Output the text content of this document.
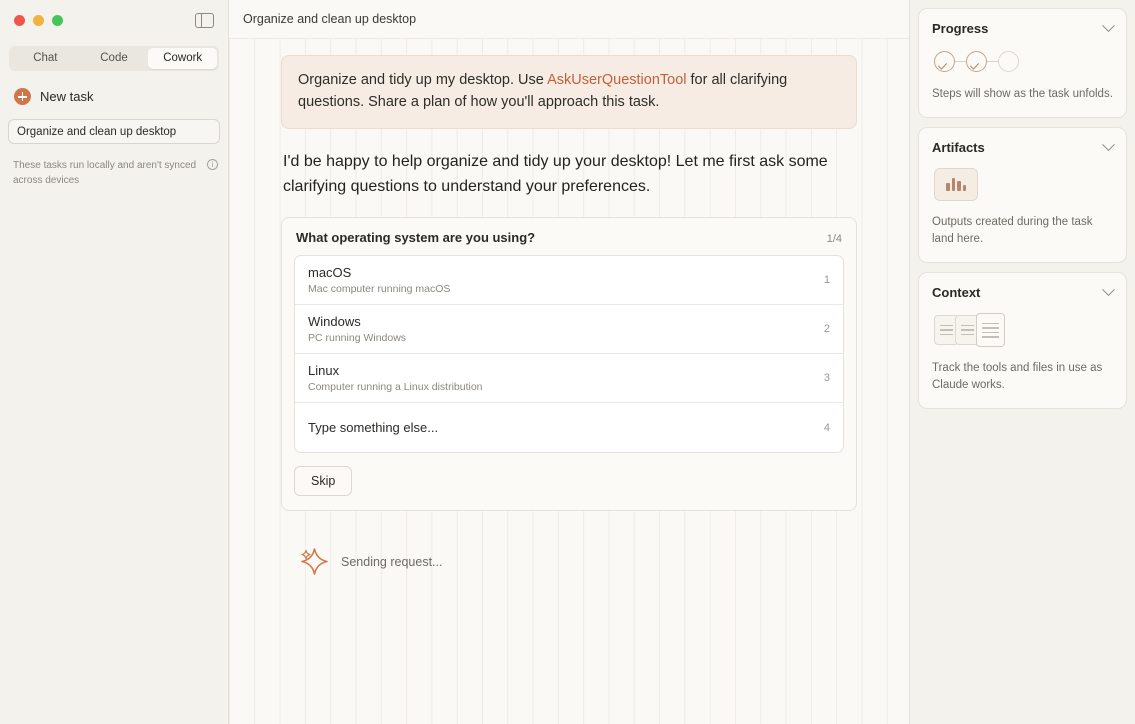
Chat	Code	Cowork
New task
Organize and clean up desktop
These tasks run locally and aren't synced across devices
i
Organize and clean up desktop
Organize and tidy up my desktop. Use AskUserQuestionTool for all clarifying questions. Share a plan of how you'll approach this task.
I'd be happy to help organize and tidy up your desktop! Let me first ask some clarifying questions to understand your preferences.
What operating system are you using?	1/4
macOS
Mac computer running macOS
1
Windows
PC running Windows
2
Linux
Computer running a Linux distribution
3
Type something else...	4
Skip
Sending request...
Progress
Steps will show as the task unfolds.
Artifacts
Outputs created during the task land here.
Context
Track the tools and files in use as Claude works.
